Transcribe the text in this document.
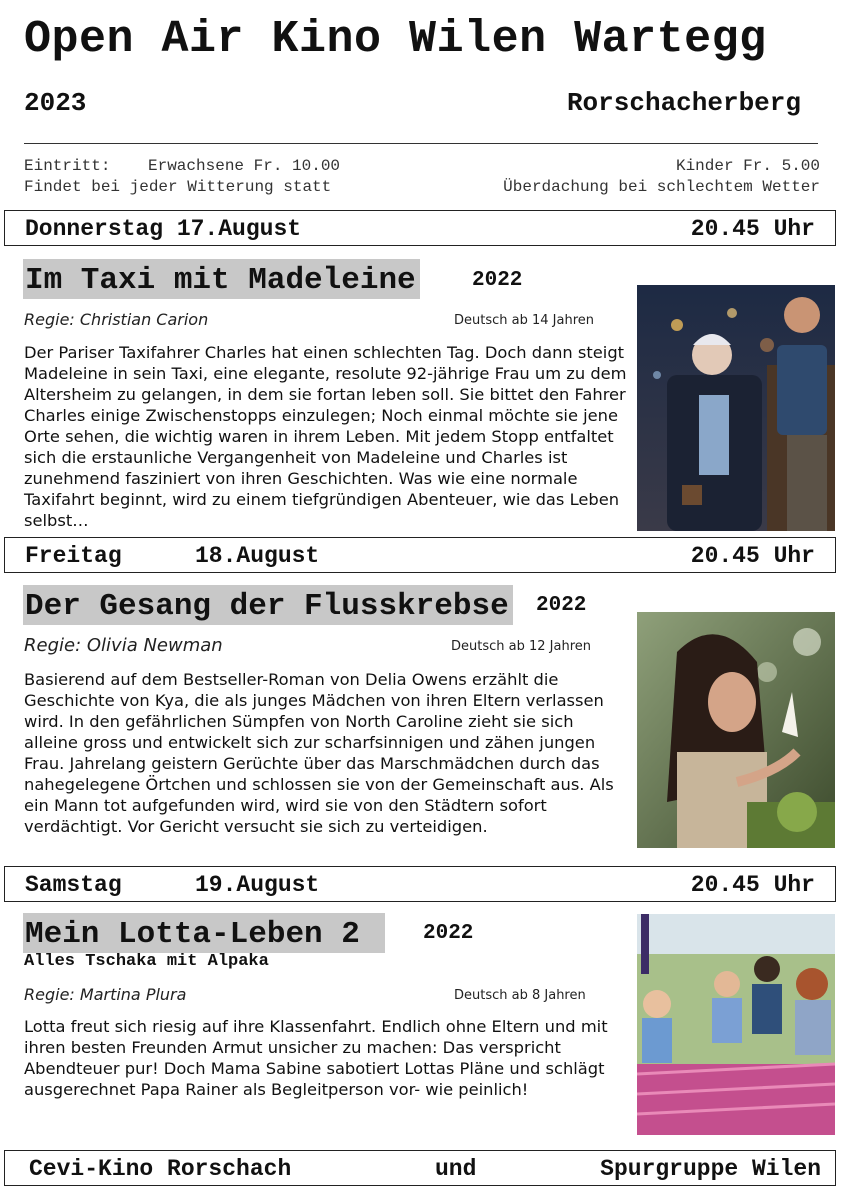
Open Air Kino Wilen Wartegg
2023	Rorschacherberg
Eintritt: Erwachsene Fr. 10.00	Kinder Fr. 5.00
Findet bei jeder Witterung statt	Überdachung bei schlechtem Wetter
Donnerstag 17.August	20.45 Uhr
Im Taxi mit Madeleine	2022
Regie: Christian Carion	Deutsch ab 14 Jahren
Der Pariser Taxifahrer Charles hat einen schlechten Tag. Doch dann steigt Madeleine in sein Taxi, eine elegante, resolute 92-jährige Frau um zu dem Altersheim zu gelangen, in dem sie fortan leben soll. Sie bittet den Fahrer Charles einige Zwischenstopps einzulegen; Noch einmal möchte sie jene Orte sehen, die wichtig waren in ihrem Leben. Mit jedem Stopp entfaltet sich die erstaunliche Vergangenheit von Madeleine und Charles ist zunehmend fasziniert von ihren Geschichten. Was wie eine normale Taxifahrt beginnt, wird zu einem tiefgründigen Abenteuer, wie das Leben selbst…
Freitag	18.August	20.45 Uhr
Der Gesang der Flusskrebse 2022
Regie: Olivia Newman	Deutsch ab 12 Jahren
Basierend auf dem Bestseller-Roman von Delia Owens erzählt die Geschichte von Kya, die als junges Mädchen von ihren Eltern verlassen wird. In den gefährlichen Sümpfen von North Caroline zieht sie sich alleine gross und entwickelt sich zur scharfsinnigen und zähen jungen Frau. Jahrelang geistern Gerüchte über das Marschmädchen durch das nahegelegene Örtchen und schlossen sie von der Gemeinschaft aus. Als ein Mann tot aufgefunden wird, wird sie von den Städtern sofort verdächtigt. Vor Gericht versucht sie sich zu verteidigen.
Samstag	19.August	20.45 Uhr
Mein Lotta-Leben 2	2022
Alles Tschaka mit Alpaka
Regie: Martina Plura	Deutsch ab 8 Jahren
Lotta freut sich riesig auf ihre Klassenfahrt. Endlich ohne Eltern und mit ihren besten Freunden Armut unsicher zu machen: Das verspricht Abendteuer pur! Doch Mama Sabine sabotiert Lottas Pläne und schlägt ausgerechnet Papa Rainer als Begleitperson vor- wie peinlich!
Cevi-Kino Rorschach	und	Spurgruppe Wilen
